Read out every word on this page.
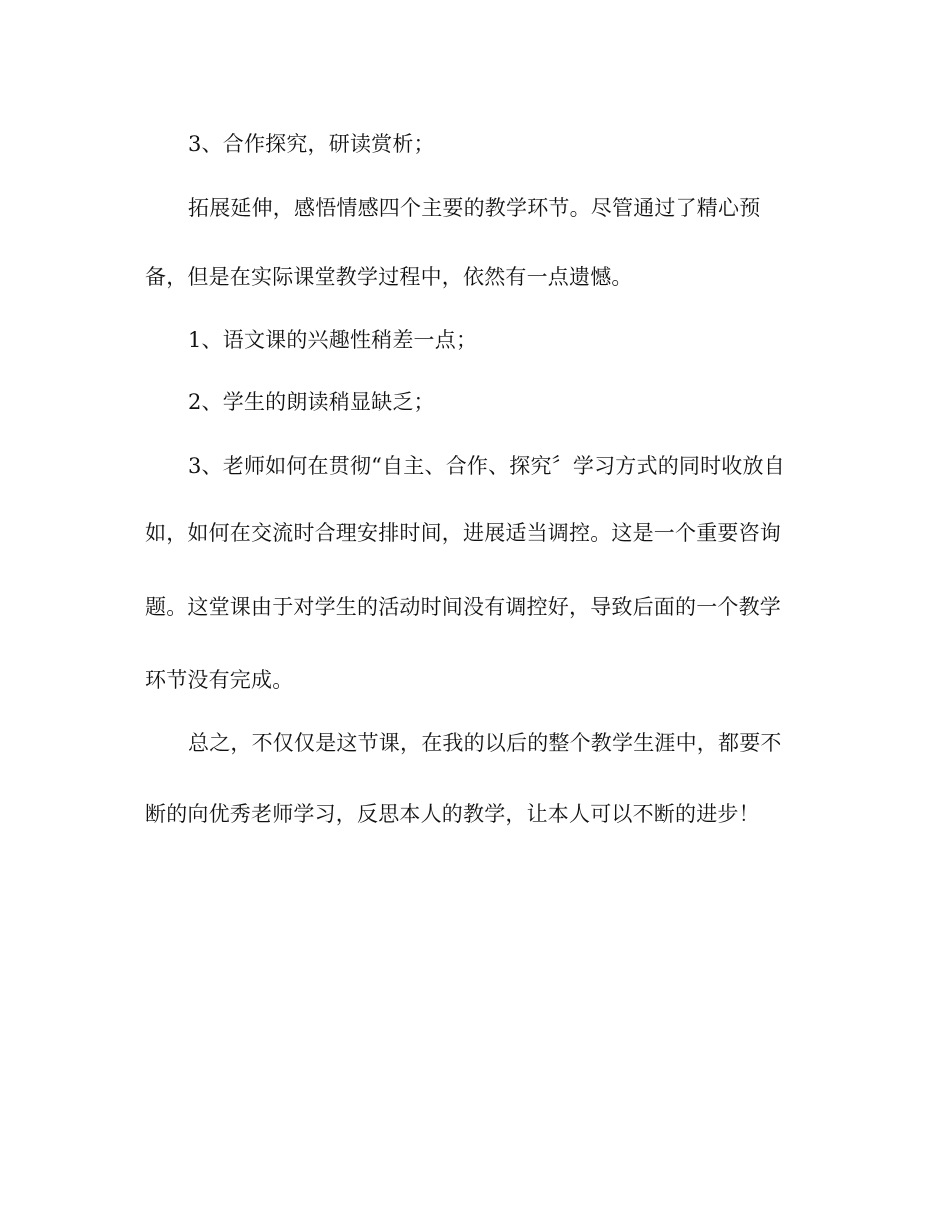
3、合作探究，研读赏析；
拓展延伸，感悟情感四个主要的教学环节。尽管通过了精心预
备，但是在实际课堂教学过程中，依然有一点遗憾。
1、语文课的兴趣性稍差一点；
2、学生的朗读稍显缺乏；
3、老师如何在贯彻“自主、合作、探究〞学习方式的同时收放自
如，如何在交流时合理安排时间，进展适当调控。这是一个重要咨询
题。这堂课由于对学生的活动时间没有调控好，导致后面的一个教学
环节没有完成。
总之，不仅仅是这节课，在我的以后的整个教学生涯中，都要不
断的向优秀老师学习，反思本人的教学，让本人可以不断的进步！
